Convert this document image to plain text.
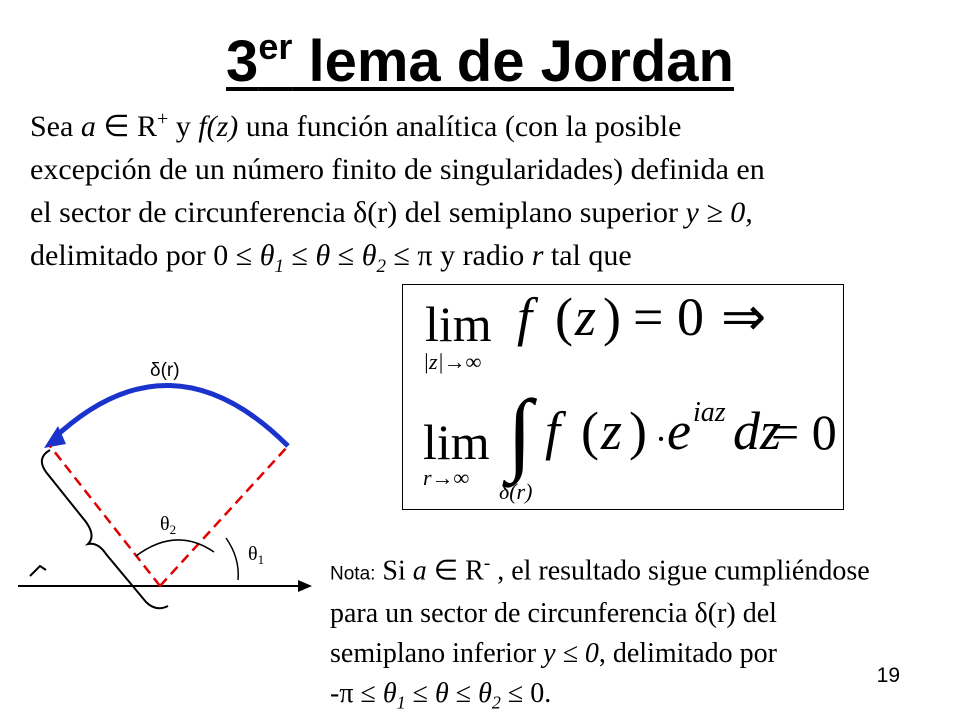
3er lema de Jordan

Sea a ∈ R+ y f(z) una función analítica (con la posible

excepción de un número finito de singularidades) definida en

el sector de circunferencia δ(r) del semiplano superior y ≥ 0,

delimitado por $0 \le \theta_1 \le \theta \le \theta_2 \le \pi$ y radio r tal que

lim
|z|→∞
f ( z ) = 0 ⇒
lim
r→∞ ∫
δ(r)
f ( z ) · e iaz dz
= 0
δ(r)
$\theta_2$
$\theta_1$

Nota: Si a ∈ R- , el resultado sigue cumpliéndose

para un sector de circunferencia δ(r) del

semiplano inferior y ≤ 0, delimitado por

$-\pi \le \theta_1 \le \theta \le \theta_2 \le 0$.

19
